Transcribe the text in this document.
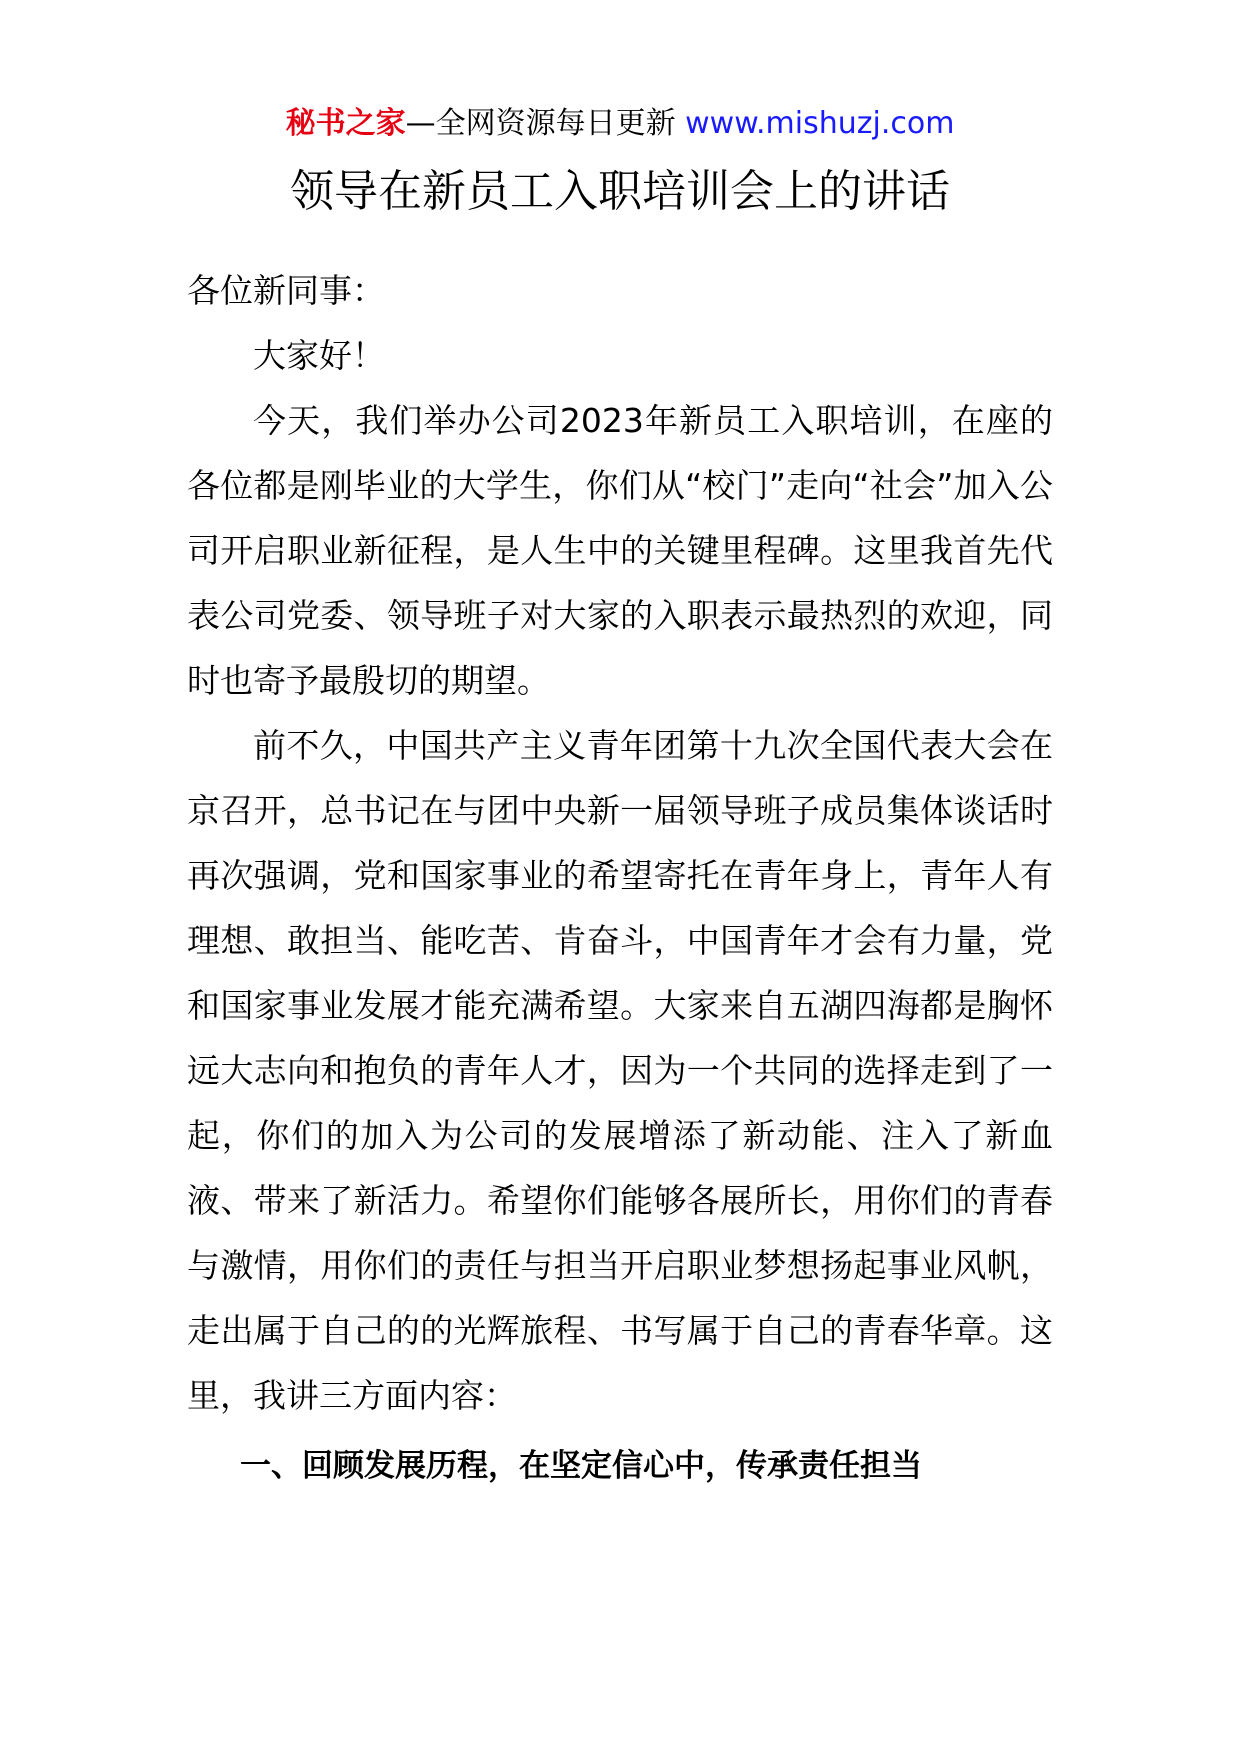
秘书之家—全网资源每日更新 www.mishuzj.com
领导在新员工入职培训会上的讲话

各位新同事：

大家好！

今天，我们举办公司2023年新员工入职培训，在座的各位都是刚毕业的大学生，你们从“校门”走向“社会”加入公司开启职业新征程，是人生中的关键里程碑。这里我首先代表公司党委、领导班子对大家的入职表示最热烈的欢迎，同时也寄予最殷切的期望。

前不久，中国共产主义青年团第十九次全国代表大会在京召开，总书记在与团中央新一届领导班子成员集体谈话时再次强调，党和国家事业的希望寄托在青年身上，青年人有理想、敢担当、能吃苦、肯奋斗，中国青年才会有力量，党和国家事业发展才能充满希望。大家来自五湖四海都是胸怀远大志向和抱负的青年人才，因为一个共同的选择走到了一起，你们的加入为公司的发展增添了新动能、注入了新血液、带来了新活力。希望你们能够各展所长，用你们的青春与激情，用你们的责任与担当开启职业梦想扬起事业风帆，走出属于自己的的光辉旅程、书写属于自己的青春华章。这里，我讲三方面内容：

一、回顾发展历程，在坚定信心中，传承责任担当
